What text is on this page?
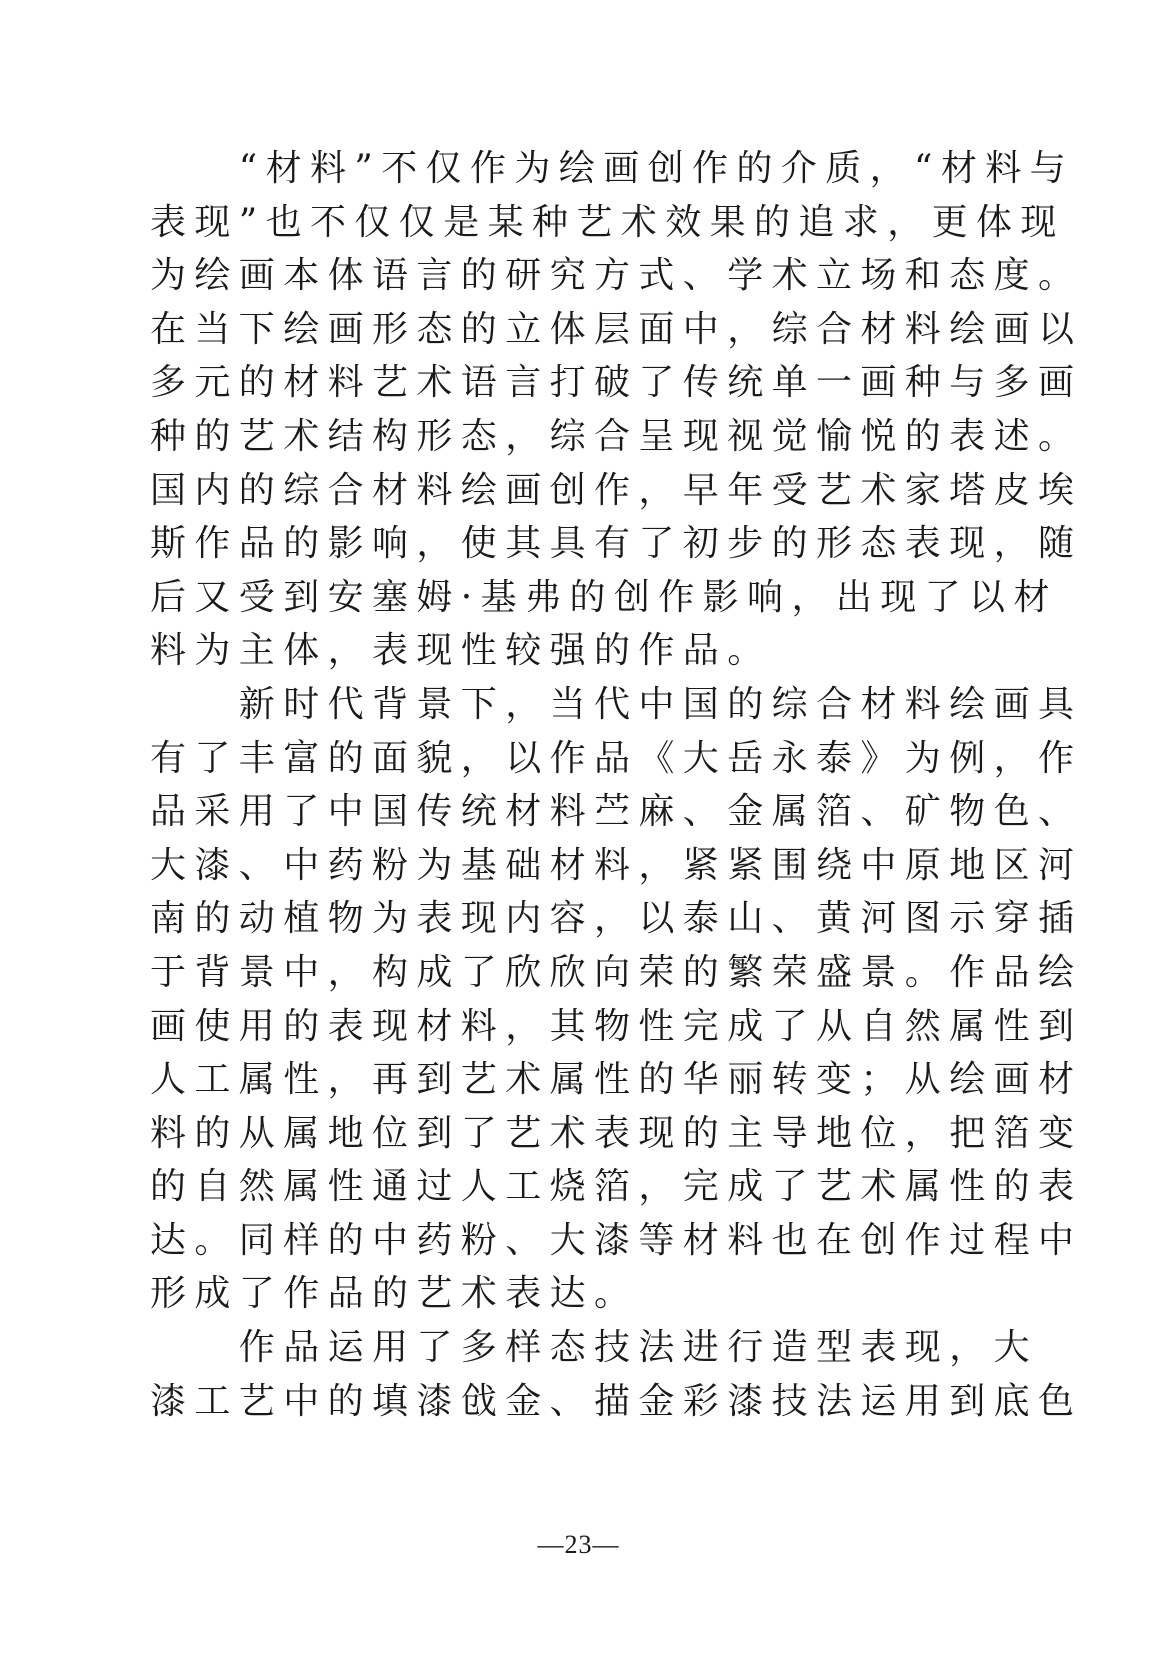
　　“材料”不仅作为绘画创作的介质，“材料与
表现”也不仅仅是某种艺术效果的追求，更体现
为绘画本体语言的研究方式、学术立场和态度。
在当下绘画形态的立体层面中，综合材料绘画以
多元的材料艺术语言打破了传统单一画种与多画
种的艺术结构形态，综合呈现视觉愉悦的表述。
国内的综合材料绘画创作，早年受艺术家塔皮埃
斯作品的影响，使其具有了初步的形态表现，随
后又受到安塞姆·基弗的创作影响，出现了以材
料为主体，表现性较强的作品。
　　新时代背景下，当代中国的综合材料绘画具
有了丰富的面貌，以作品《大岳永泰》为例，作
品采用了中国传统材料苎麻、金属箔、矿物色、
大漆、中药粉为基础材料，紧紧围绕中原地区河
南的动植物为表现内容，以泰山、黄河图示穿插
于背景中，构成了欣欣向荣的繁荣盛景。作品绘
画使用的表现材料，其物性完成了从自然属性到
人工属性，再到艺术属性的华丽转变；从绘画材
料的从属地位到了艺术表现的主导地位，把箔变
的自然属性通过人工烧箔，完成了艺术属性的表
达。同样的中药粉、大漆等材料也在创作过程中
形成了作品的艺术表达。
　　作品运用了多样态技法进行造型表现，大
漆工艺中的填漆戗金、描金彩漆技法运用到底色
—23—
